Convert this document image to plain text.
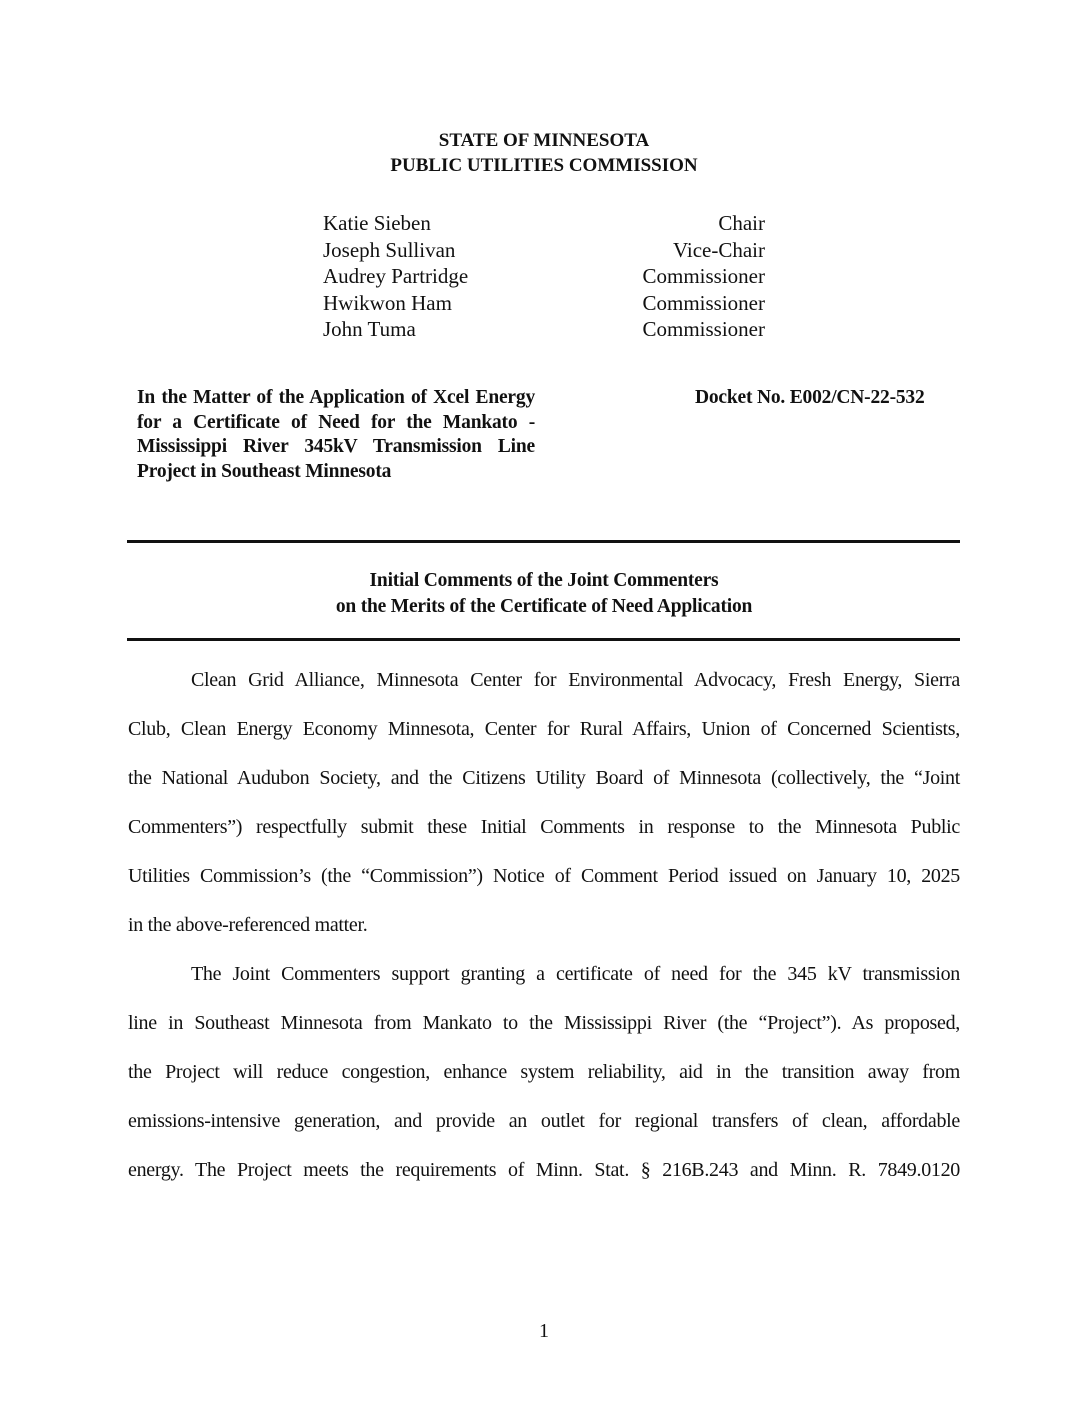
STATE OF MINNESOTA
PUBLIC UTILITIES COMMISSION
Katie Sieben	Chair
Joseph Sullivan	Vice-Chair
Audrey Partridge	Commissioner
Hwikwon Ham	Commissioner
John Tuma	Commissioner
In the Matter of the Application of Xcel Energy for a Certificate of Need for the Mankato - Mississippi River 345kV Transmission Line Project in Southeast Minnesota
Docket No. E002/CN-22-532
Initial Comments of the Joint Commenters
on the Merits of the Certificate of Need Application
Clean Grid Alliance, Minnesota Center for Environmental Advocacy, Fresh Energy, Sierra
Club, Clean Energy Economy Minnesota, Center for Rural Affairs, Union of Concerned Scientists,
the National Audubon Society, and the Citizens Utility Board of Minnesota (collectively, the “Joint
Commenters”) respectfully submit these Initial Comments in response to the Minnesota Public
Utilities Commission’s (the “Commission”) Notice of Comment Period issued on January 10, 2025
in the above-referenced matter.
The Joint Commenters support granting a certificate of need for the 345 kV transmission
line in Southeast Minnesota from Mankato to the Mississippi River (the “Project”). As proposed,
the Project will reduce congestion, enhance system reliability, aid in the transition away from
emissions-intensive generation, and provide an outlet for regional transfers of clean, affordable
energy. The Project meets the requirements of Minn. Stat. § 216B.243 and Minn. R. 7849.0120
1
